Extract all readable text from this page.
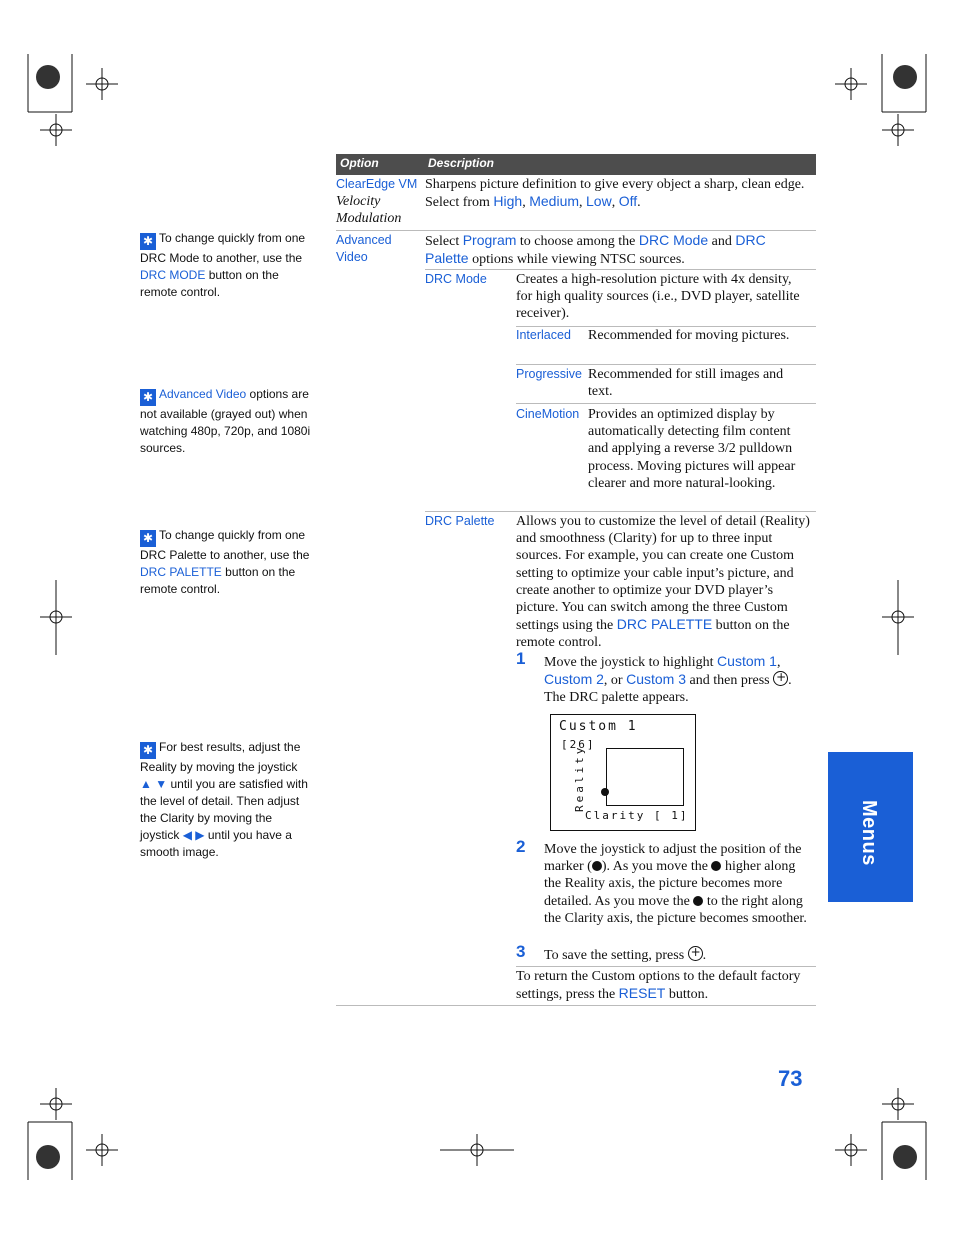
✱ To change quickly from one DRC Mode to another, use the DRC MODE button on the remote control.
✱ Advanced Video options are not available (grayed out) when watching 480p, 720p, and 1080i sources.
✱ To change quickly from one DRC Palette to another, use the DRC PALETTE button on the remote control.
✱ For best results, adjust the Reality by moving the joystick ▲ ▼ until you are satisfied with the level of detail. Then adjust the Clarity by moving the joystick ◀ ▶ until you have a smooth image.
Option	Description
ClearEdge VM
Velocity Modulation
Sharpens picture definition to give every object a sharp, clean edge. Select from High, Medium, Low, Off.
Advanced Video
Select Program to choose among the DRC Mode and DRC Palette options while viewing NTSC sources.
DRC Mode Creates a high-resolution picture with 4x density, for high quality sources (i.e., DVD player, satellite receiver).
Interlaced Recommended for moving pictures.
Progressive Recommended for still images and text.
CineMotion Provides an optimized display by automatically detecting film content and applying a reverse 3/2 pulldown process. Moving pictures will appear clearer and more natural-looking.
DRC Palette Allows you to customize the level of detail (Reality) and smoothness (Clarity) for up to three input sources. For example, you can create one Custom setting to optimize your cable input’s picture, and create another to optimize your DVD player’s picture. You can switch among the three Custom settings using the DRC PALETTE button on the remote control.
1 Move the joystick to highlight Custom 1, Custom 2, or Custom 3 and then press + . The DRC palette appears.
Custom 1
[26]
Reality
Clarity [ 1]
2 Move the joystick to adjust the position of the marker ( ). As you move the higher along the Reality axis, the picture becomes more detailed. As you move the to the right along the Clarity axis, the picture becomes smoother.
3 To save the setting, press + .
To return the Custom options to the default factory settings, press the RESET button.
Menus
73
